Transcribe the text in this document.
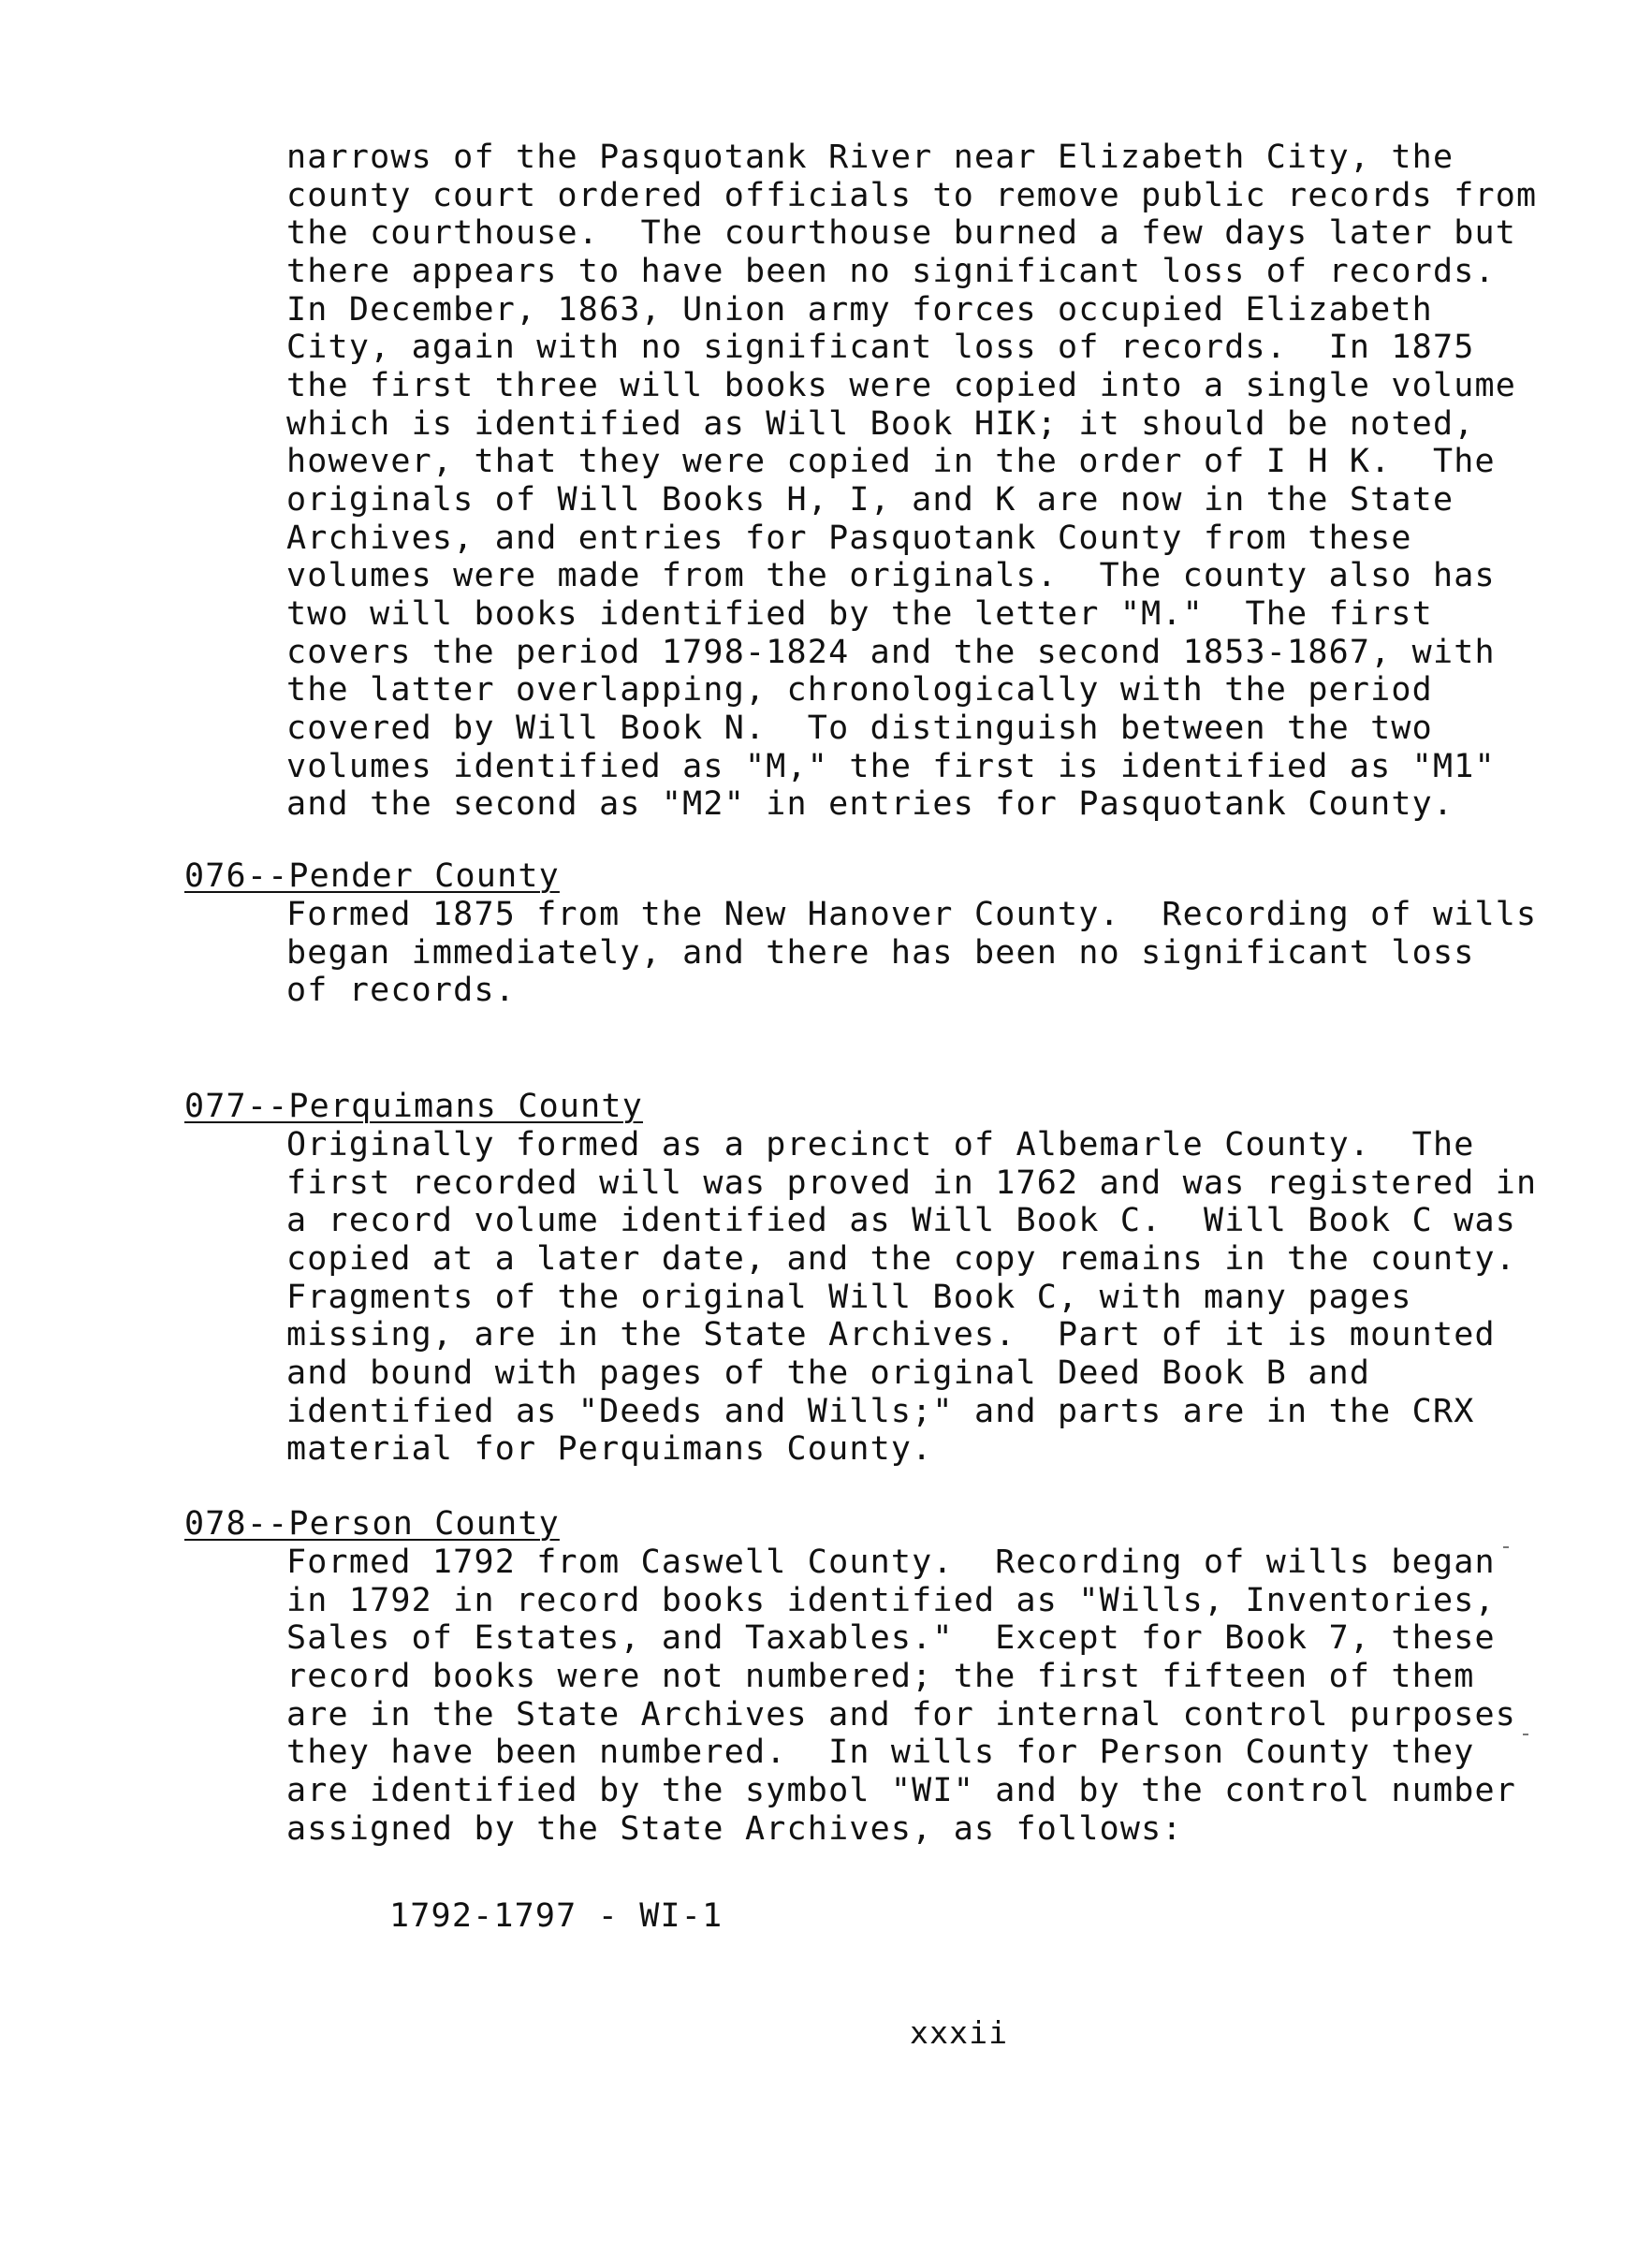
narrows of the Pasquotank River near Elizabeth City, the
county court ordered officials to remove public records from
the courthouse.  The courthouse burned a few days later but
there appears to have been no significant loss of records.
In December, 1863, Union army forces occupied Elizabeth
City, again with no significant loss of records.  In 1875
the first three will books were copied into a single volume
which is identified as Will Book HIK; it should be noted,
however, that they were copied in the order of I H K.  The
originals of Will Books H, I, and K are now in the State
Archives, and entries for Pasquotank County from these
volumes were made from the originals.  The county also has
two will books identified by the letter "M."  The first
covers the period 1798-1824 and the second 1853-1867, with
the latter overlapping, chronologically with the period
covered by Will Book N.  To distinguish between the two
volumes identified as "M," the first is identified as "M1"
and the second as "M2" in entries for Pasquotank County.
076--Pender County
Formed 1875 from the New Hanover County.  Recording of wills
began immediately, and there has been no significant loss
of records.
077--Perquimans County
Originally formed as a precinct of Albemarle County.  The
first recorded will was proved in 1762 and was registered in
a record volume identified as Will Book C.  Will Book C was
copied at a later date, and the copy remains in the county.
Fragments of the original Will Book C, with many pages
missing, are in the State Archives.  Part of it is mounted
and bound with pages of the original Deed Book B and
identified as "Deeds and Wills;" and parts are in the CRX
material for Perquimans County.
078--Person County
Formed 1792 from Caswell County.  Recording of wills began
in 1792 in record books identified as "Wills, Inventories,
Sales of Estates, and Taxables."  Except for Book 7, these
record books were not numbered; the first fifteen of them
are in the State Archives and for internal control purposes
they have been numbered.  In wills for Person County they
are identified by the symbol "WI" and by the control number
assigned by the State Archives, as follows:
1792-1797 - WI-1
xxxii
